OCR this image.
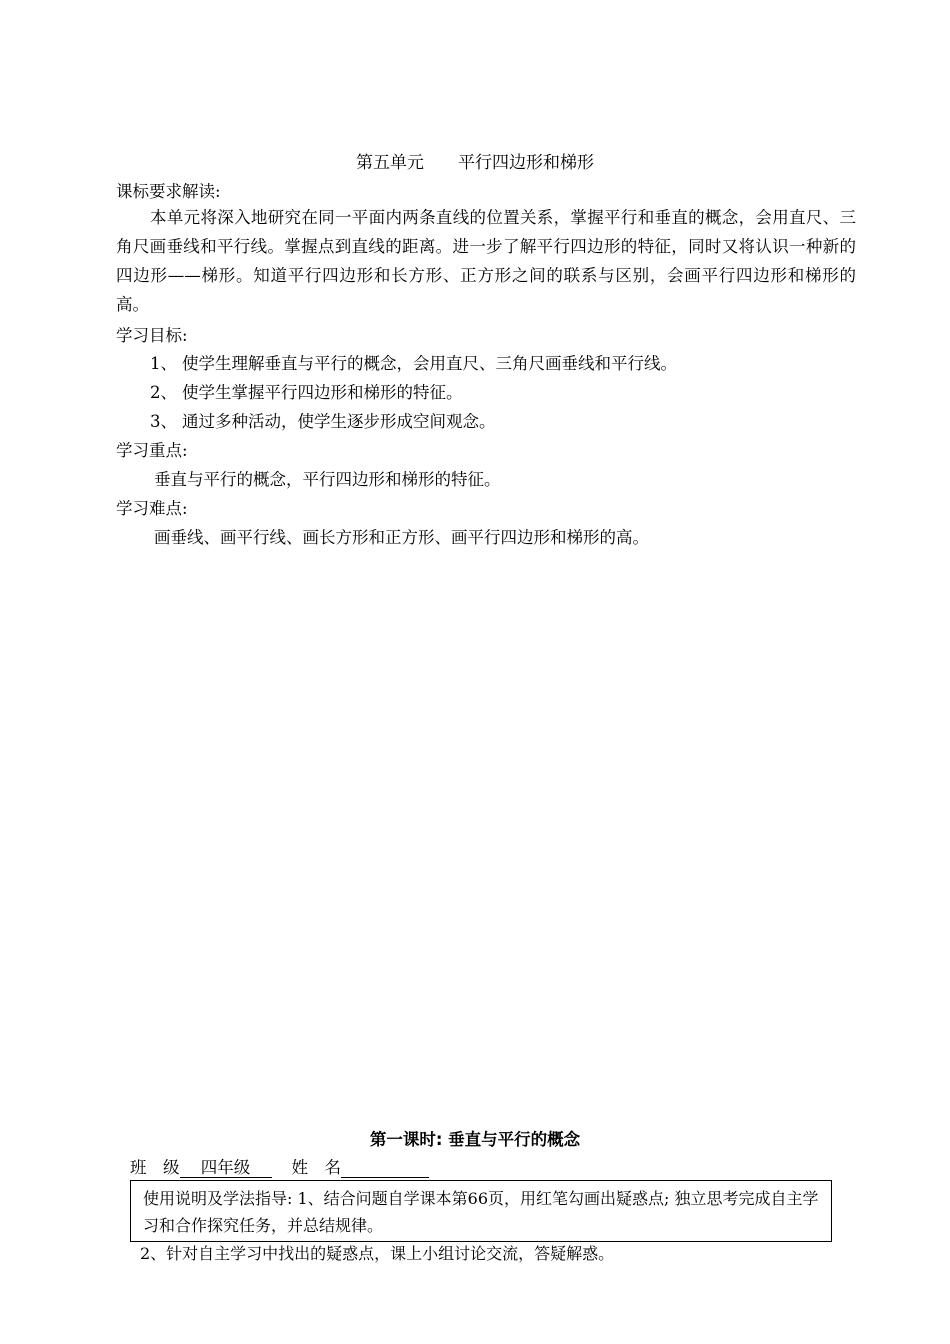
第五单元 平行四边形和梯形
课标要求解读:
本单元将深入地研究在同一平面内两条直线的位置关系，掌握平行和垂直的概念，会用直尺、三角尺画垂线和平行线。掌握点到直线的距离。进一步了解平行四边形的特征，同时又将认识一种新的四边形——梯形。知道平行四边形和长方形、正方形之间的联系与区别，会画平行四边形和梯形的高。
学习目标:
1、 使学生理解垂直与平行的概念，会用直尺、三角尺画垂线和平行线。
2、 使学生掌握平行四边形和梯形的特征。
3、 通过多种活动，使学生逐步形成空间观念。
学习重点:
垂直与平行的概念，平行四边形和梯形的特征。
学习难点:
画垂线、画平行线、画长方形和正方形、画平行四边形和梯形的高。
第一课时: 垂直与平行的概念
班　级 四年级	姓　名
使用说明及学法指导: 1、结合问题自学课本第66页，用红笔勾画出疑惑点; 独立思考完成自主学习和合作探究任务，并总结规律。
2、针对自主学习中找出的疑惑点，课上小组讨论交流，答疑解惑。
